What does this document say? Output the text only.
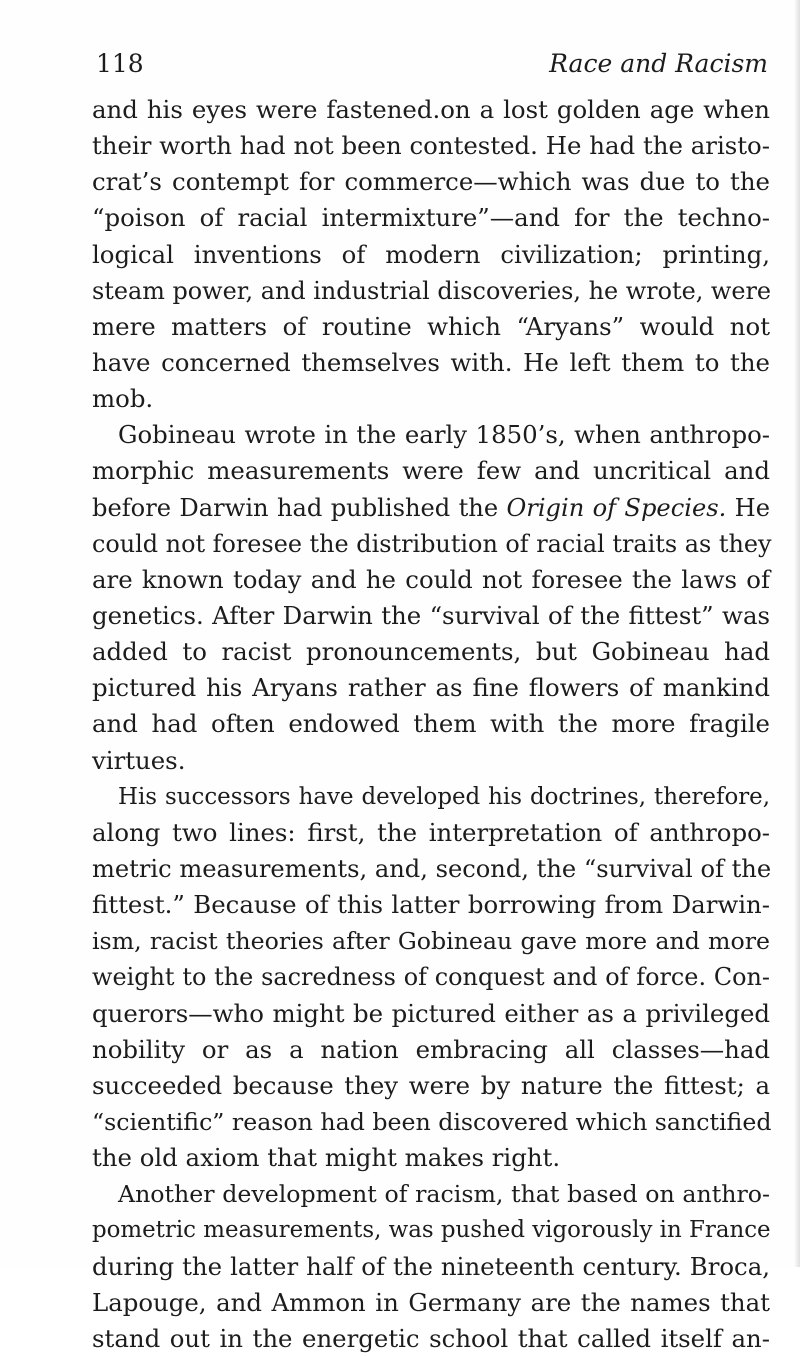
118	Race and Racism
and his eyes were fastened.on a lost golden age when
their worth had not been contested. He had the aristo-
crat’s contempt for commerce—which was due to the
“poison of racial intermixture”—and for the techno-
logical inventions of modern civilization; printing,
steam power, and industrial discoveries, he wrote, were
mere matters of routine which “Aryans” would not
have concerned themselves with. He left them to the
mob.
Gobineau wrote in the early 1850’s, when anthropo-
morphic measurements were few and uncritical and
before Darwin had published the Origin of Species. He
could not foresee the distribution of racial traits as they
are known today and he could not foresee the laws of
genetics. After Darwin the “survival of the fittest” was
added to racist pronouncements, but Gobineau had
pictured his Aryans rather as fine flowers of mankind
and had often endowed them with the more fragile
virtues.
His successors have developed his doctrines, therefore,
along two lines: first, the interpretation of anthropo-
metric measurements, and, second, the “survival of the
fittest.” Because of this latter borrowing from Darwin-
ism, racist theories after Gobineau gave more and more
weight to the sacredness of conquest and of force. Con-
querors—who might be pictured either as a privileged
nobility or as a nation embracing all classes—had
succeeded because they were by nature the fittest; a
“scientific” reason had been discovered which sanctified
the old axiom that might makes right.
Another development of racism, that based on anthro-
pometric measurements, was pushed vigorously in France
during the latter half of the nineteenth century. Broca,
Lapouge, and Ammon in Germany are the names that
stand out in the energetic school that called itself an-
